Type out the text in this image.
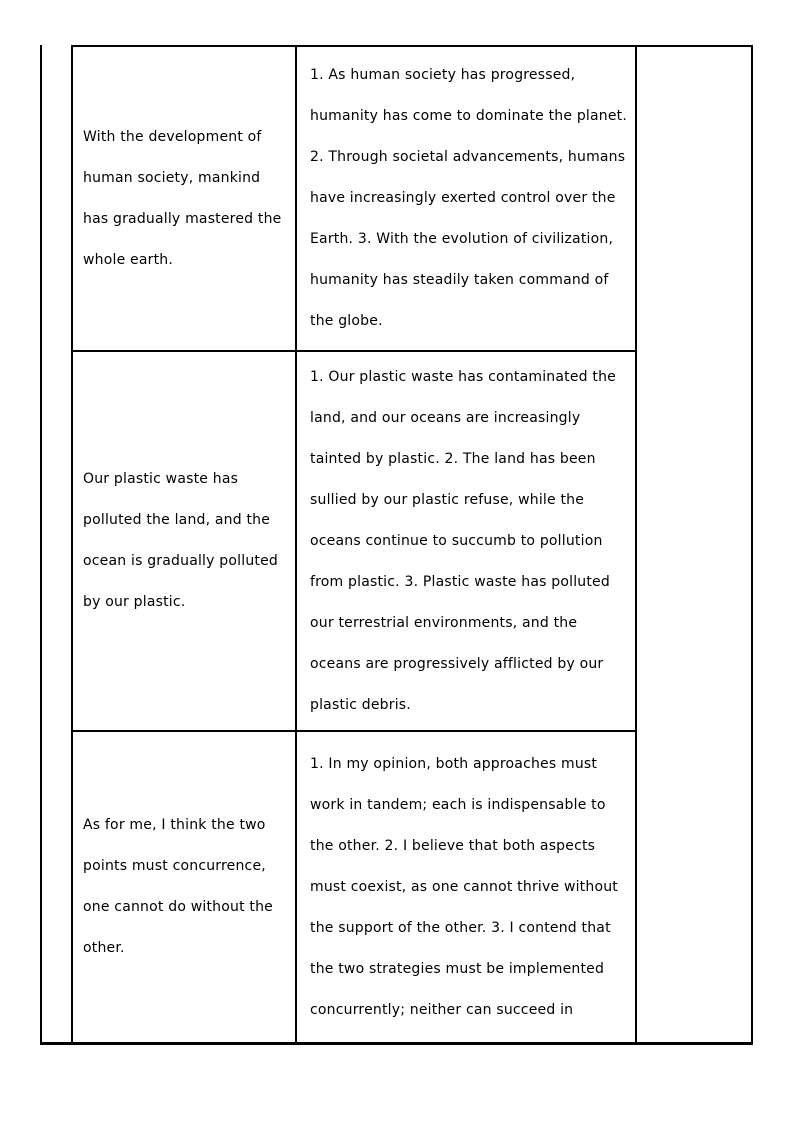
With the development of human society, mankind has gradually mastered the whole earth.
1. As human society has progressed, humanity has come to dominate the planet. 2. Through societal advancements, humans have increasingly exerted control over the Earth. 3. With the evolution of civilization, humanity has steadily taken command of the globe.
Our plastic waste has polluted the land, and the ocean is gradually polluted by our plastic.
1. Our plastic waste has contaminated the land, and our oceans are increasingly tainted by plastic. 2. The land has been sullied by our plastic refuse, while the oceans continue to succumb to pollution from plastic. 3. Plastic waste has polluted our terrestrial environments, and the oceans are progressively afflicted by our plastic debris.
As for me, I think the two points must concurrence, one cannot do without the other.
1. In my opinion, both approaches must work in tandem; each is indispensable to the other. 2. I believe that both aspects must coexist, as one cannot thrive without the support of the other. 3. I contend that the two strategies must be implemented concurrently; neither can succeed in
